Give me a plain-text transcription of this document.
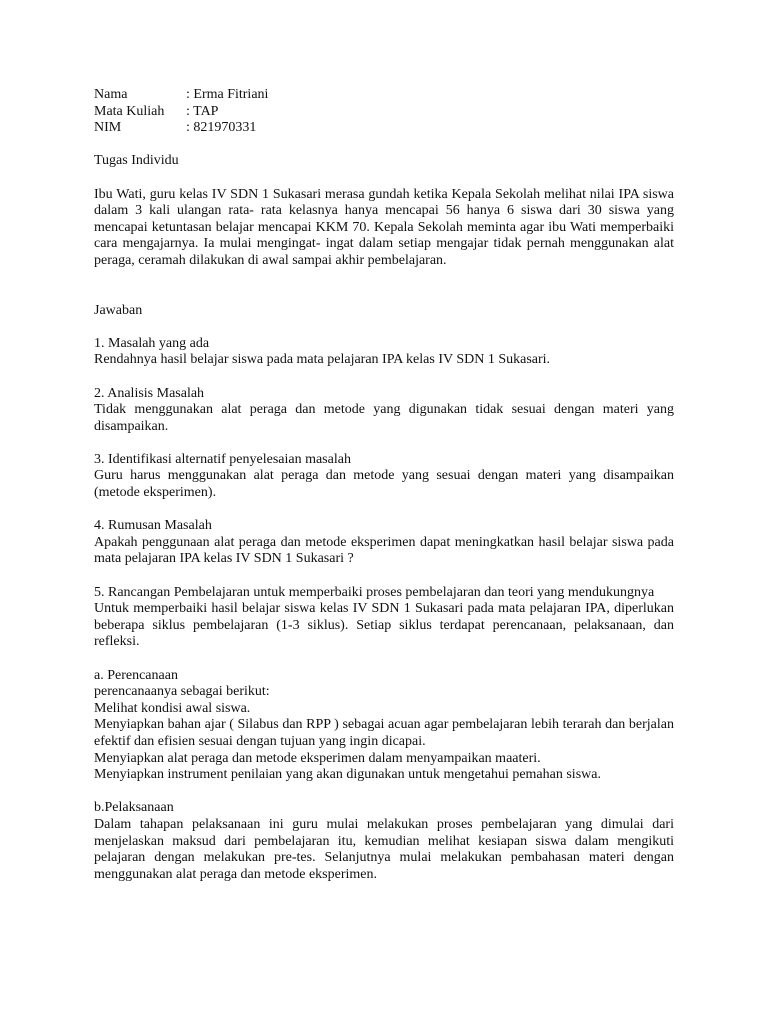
Nama	: Erma Fitriani
Mata Kuliah	: TAP
NIM	: 821970331

Tugas Individu

Ibu Wati, guru kelas IV SDN 1 Sukasari merasa gundah ketika Kepala Sekolah melihat nilai IPA siswa dalam 3 kali ulangan rata- rata kelasnya hanya mencapai 56 hanya 6 siswa dari 30 siswa yang mencapai ketuntasan belajar mencapai KKM 70. Kepala Sekolah meminta agar ibu Wati memperbaiki cara mengajarnya. Ia mulai mengingat- ingat dalam setiap mengajar tidak pernah menggunakan alat peraga, ceramah dilakukan di awal sampai akhir pembelajaran.

Jawaban

1. Masalah yang ada

Rendahnya hasil belajar siswa pada mata pelajaran IPA kelas IV SDN 1 Sukasari.

2. Analisis Masalah

Tidak menggunakan alat peraga dan metode yang digunakan tidak sesuai dengan materi yang disampaikan.

3. Identifikasi alternatif penyelesaian masalah

Guru harus menggunakan alat peraga dan metode yang sesuai dengan materi yang disampaikan (metode eksperimen).

4. Rumusan Masalah

Apakah penggunaan alat peraga dan metode eksperimen dapat meningkatkan hasil belajar siswa pada mata pelajaran IPA kelas IV SDN 1 Sukasari ?

5. Rancangan Pembelajaran untuk memperbaiki proses pembelajaran dan teori yang mendukungnya

Untuk memperbaiki hasil belajar siswa kelas IV SDN 1 Sukasari pada mata pelajaran IPA, diperlukan beberapa siklus pembelajaran (1-3 siklus). Setiap siklus terdapat perencanaan, pelaksanaan, dan refleksi.

a. Perencanaan

perencanaanya sebagai berikut:

Melihat kondisi awal siswa.

Menyiapkan bahan ajar ( Silabus dan RPP ) sebagai acuan agar pembelajaran lebih terarah dan berjalan efektif dan efisien sesuai dengan tujuan yang ingin dicapai.

Menyiapkan alat peraga dan metode eksperimen dalam menyampaikan maateri.

Menyiapkan instrument penilaian yang akan digunakan untuk mengetahui pemahan siswa.

b.Pelaksanaan

Dalam tahapan pelaksanaan ini guru mulai melakukan proses pembelajaran yang dimulai dari menjelaskan maksud dari pembelajaran itu, kemudian melihat kesiapan siswa dalam mengikuti pelajaran dengan melakukan pre-tes. Selanjutnya mulai melakukan pembahasan materi dengan menggunakan alat peraga dan metode eksperimen.
